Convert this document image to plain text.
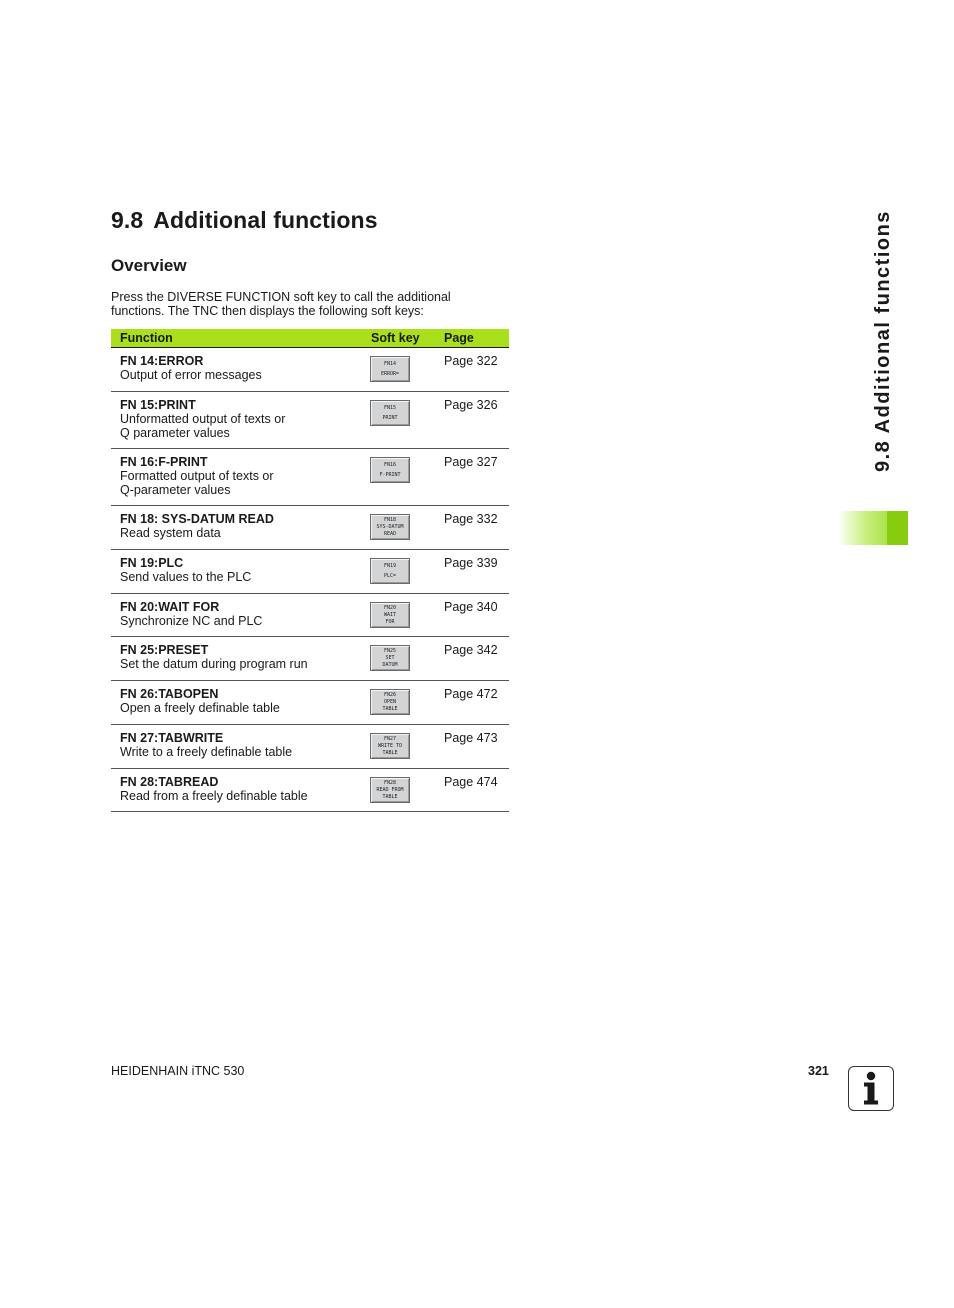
9.8 Additional functions
Overview

Press the DIVERSE FUNCTION soft key to call the additional
functions. The TNC then displays the following soft keys:

Function	Soft key Page
FN 14:ERROR
Output of error messages
FN14
ERROR=
Page 322
FN 15:PRINT
Unformatted output of texts or
Q parameter values
FN15
PRINT
Page 326
FN 16:F-PRINT
Formatted output of texts or
Q-parameter values
FN16
F-PRINT
Page 327
FN 18: SYS-DATUM READ
Read system data
FN18
SYS-DATUM
READ
Page 332
FN 19:PLC
Send values to the PLC
FN19
PLC=
Page 339
FN 20:WAIT FOR
Synchronize NC and PLC
FN20
WAIT
FOR
Page 340
FN 25:PRESET
Set the datum during program run
FN25
SET
DATUM
Page 342
FN 26:TABOPEN
Open a freely definable table
FN26
OPEN
TABLE
Page 472
FN 27:TABWRITE
Write to a freely definable table
FN27
WRITE TO
TABLE
Page 473
FN 28:TABREAD
Read from a freely definable table
FN28
READ FROM
TABLE
Page 474
9.8 Additional functions
HEIDENHAIN iTNC 530	321
